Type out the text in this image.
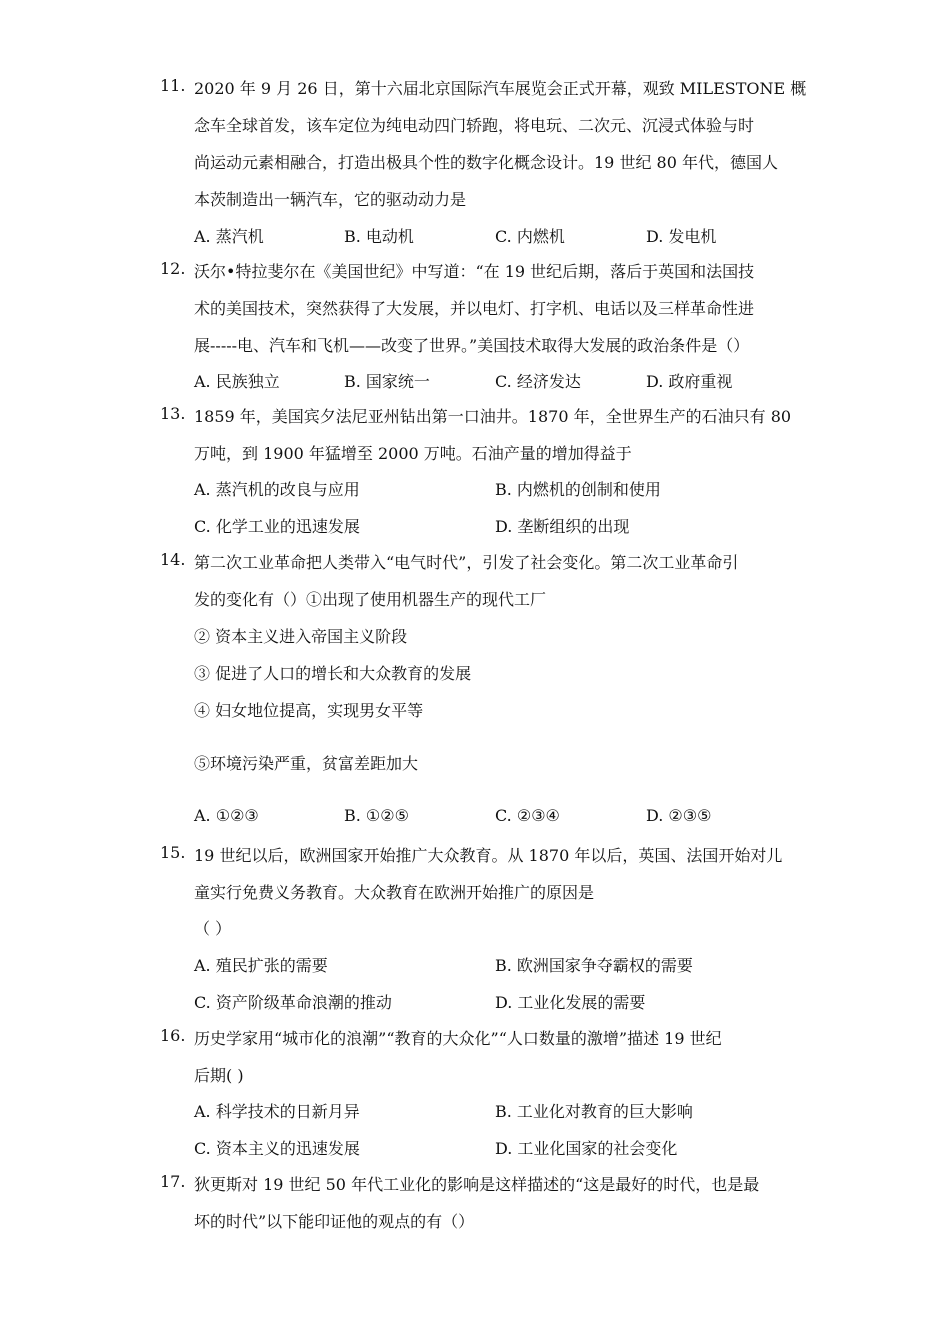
11. 2020 年 9 月 26 日，第十六届北京国际汽车展览会正式开幕，观致 MILESTONE 概
念车全球首发，该车定位为纯电动四门轿跑，将电玩、二次元、沉浸式体验与时
尚运动元素相融合，打造出极具个性的数字化概念设计。19 世纪 80 年代，德国人
本茨制造出一辆汽车，它的驱动动力是
A. 蒸汽机	B. 电动机	C. 内燃机	D. 发电机
12. 沃尔•特拉斐尔在《美国世纪》中写道：“在 19 世纪后期，落后于英国和法国技
术的美国技术，突然获得了大发展，并以电灯、打字机、电话以及三样革命性进
展-----电、汽车和飞机——改变了世界。”美国技术取得大发展的政治条件是（）
A. 民族独立	B. 国家统一	C. 经济发达	D. 政府重视
13. 1859 年，美国宾夕法尼亚州钻出第一口油井。1870 年，全世界生产的石油只有 80
万吨，到 1900 年猛增至 2000 万吨。石油产量的增加得益于
A. 蒸汽机的改良与应用	B. 内燃机的创制和使用
C. 化学工业的迅速发展	D. 垄断组织的出现
14. 第二次工业革命把人类带入“电气时代”，引发了社会变化。第二次工业革命引
发的变化有（）①出现了使用机器生产的现代工厂
② 资本主义进入帝国主义阶段
③ 促进了人口的增长和大众教育的发展
④ 妇女地位提高，实现男女平等
⑤环境污染严重，贫富差距加大
A. ①②③	B. ①②⑤	C. ②③④	D. ②③⑤
15. 19 世纪以后，欧洲国家开始推广大众教育。从 1870 年以后，英国、法国开始对儿
童实行免费义务教育。大众教育在欧洲开始推广的原因是
（ ）
A. 殖民扩张的需要	B. 欧洲国家争夺霸权的需要
C. 资产阶级革命浪潮的推动	D. 工业化发展的需要
16. 历史学家用“城市化的浪潮”“教育的大众化”“人口数量的激增”描述 19 世纪
后期( )
A. 科学技术的日新月异	B. 工业化对教育的巨大影响
C. 资本主义的迅速发展	D. 工业化国家的社会变化
17. 狄更斯对 19 世纪 50 年代工业化的影响是这样描述的“这是最好的时代，也是最
坏的时代”以下能印证他的观点的有（）
